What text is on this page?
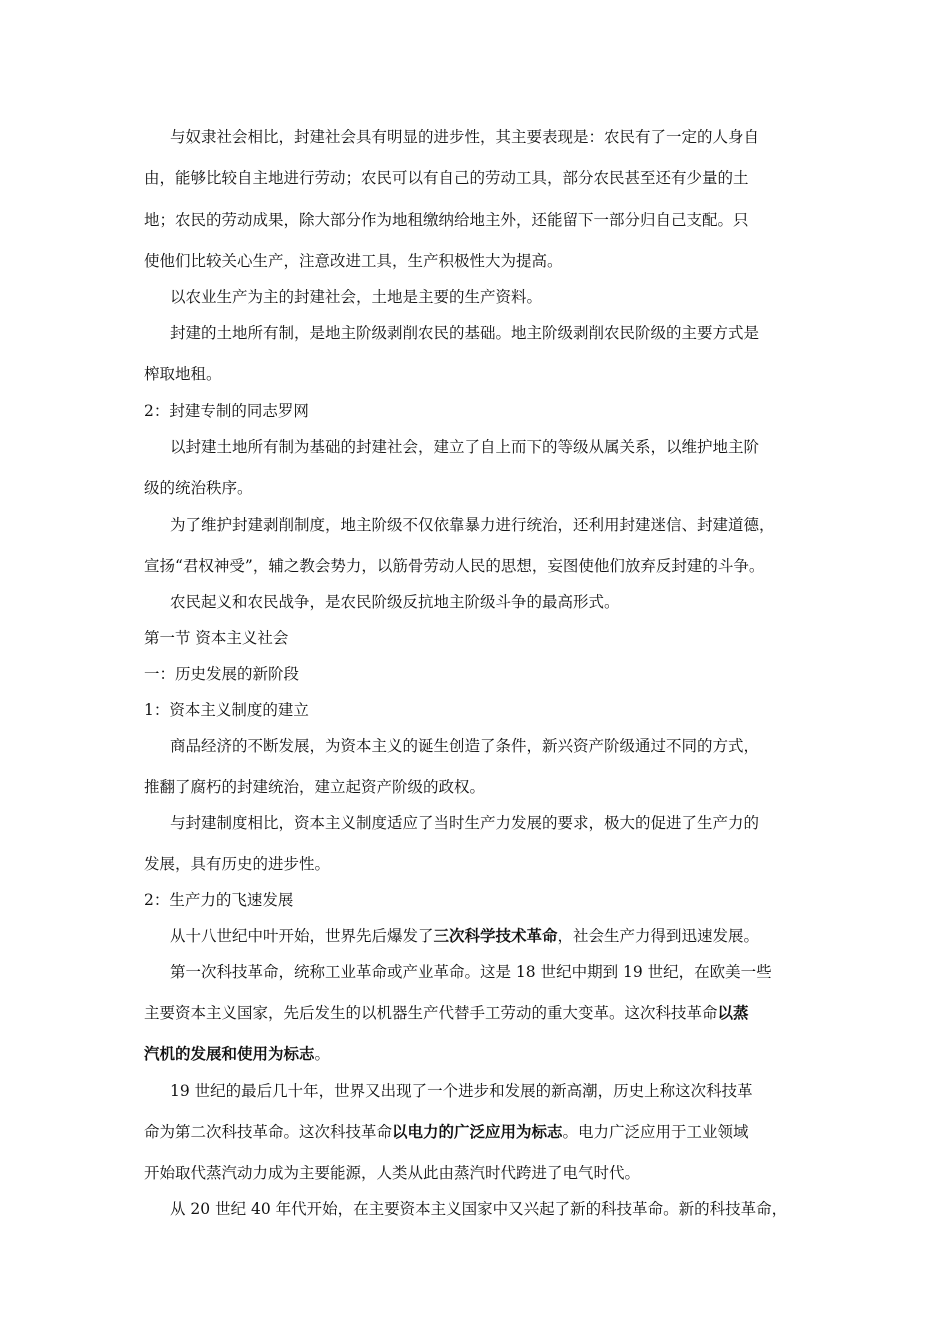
与奴隶社会相比，封建社会具有明显的进步性，其主要表现是：农民有了一定的人身自
由，能够比较自主地进行劳动；农民可以有自己的劳动工具，部分农民甚至还有少量的土
地；农民的劳动成果，除大部分作为地租缴纳给地主外，还能留下一部分归自己支配。只
使他们比较关心生产，注意改进工具，生产积极性大为提高。
以农业生产为主的封建社会，土地是主要的生产资料。
封建的土地所有制，是地主阶级剥削农民的基础。地主阶级剥削农民阶级的主要方式是
榨取地租。
2：封建专制的同志罗网
以封建土地所有制为基础的封建社会，建立了自上而下的等级从属关系，以维护地主阶
级的统治秩序。
为了维护封建剥削制度，地主阶级不仅依靠暴力进行统治，还利用封建迷信、封建道德，
宣扬“君权神受”，辅之教会势力，以筋骨劳动人民的思想，妄图使他们放弃反封建的斗争。
农民起义和农民战争，是农民阶级反抗地主阶级斗争的最高形式。
第一节 资本主义社会
一：历史发展的新阶段
1：资本主义制度的建立
商品经济的不断发展，为资本主义的诞生创造了条件，新兴资产阶级通过不同的方式，
推翻了腐朽的封建统治，建立起资产阶级的政权。
与封建制度相比，资本主义制度适应了当时生产力发展的要求，极大的促进了生产力的
发展，具有历史的进步性。
2：生产力的飞速发展
从十八世纪中叶开始，世界先后爆发了三次科学技术革命，社会生产力得到迅速发展。
第一次科技革命，统称工业革命或产业革命。这是 18 世纪中期到 19 世纪，在欧美一些
主要资本主义国家，先后发生的以机器生产代替手工劳动的重大变革。这次科技革命以蒸
汽机的发展和使用为标志。
19 世纪的最后几十年，世界又出现了一个进步和发展的新高潮，历史上称这次科技革
命为第二次科技革命。这次科技革命以电力的广泛应用为标志。电力广泛应用于工业领域
开始取代蒸汽动力成为主要能源，人类从此由蒸汽时代跨进了电气时代。
从 20 世纪 40 年代开始，在主要资本主义国家中又兴起了新的科技革命。新的科技革命，
